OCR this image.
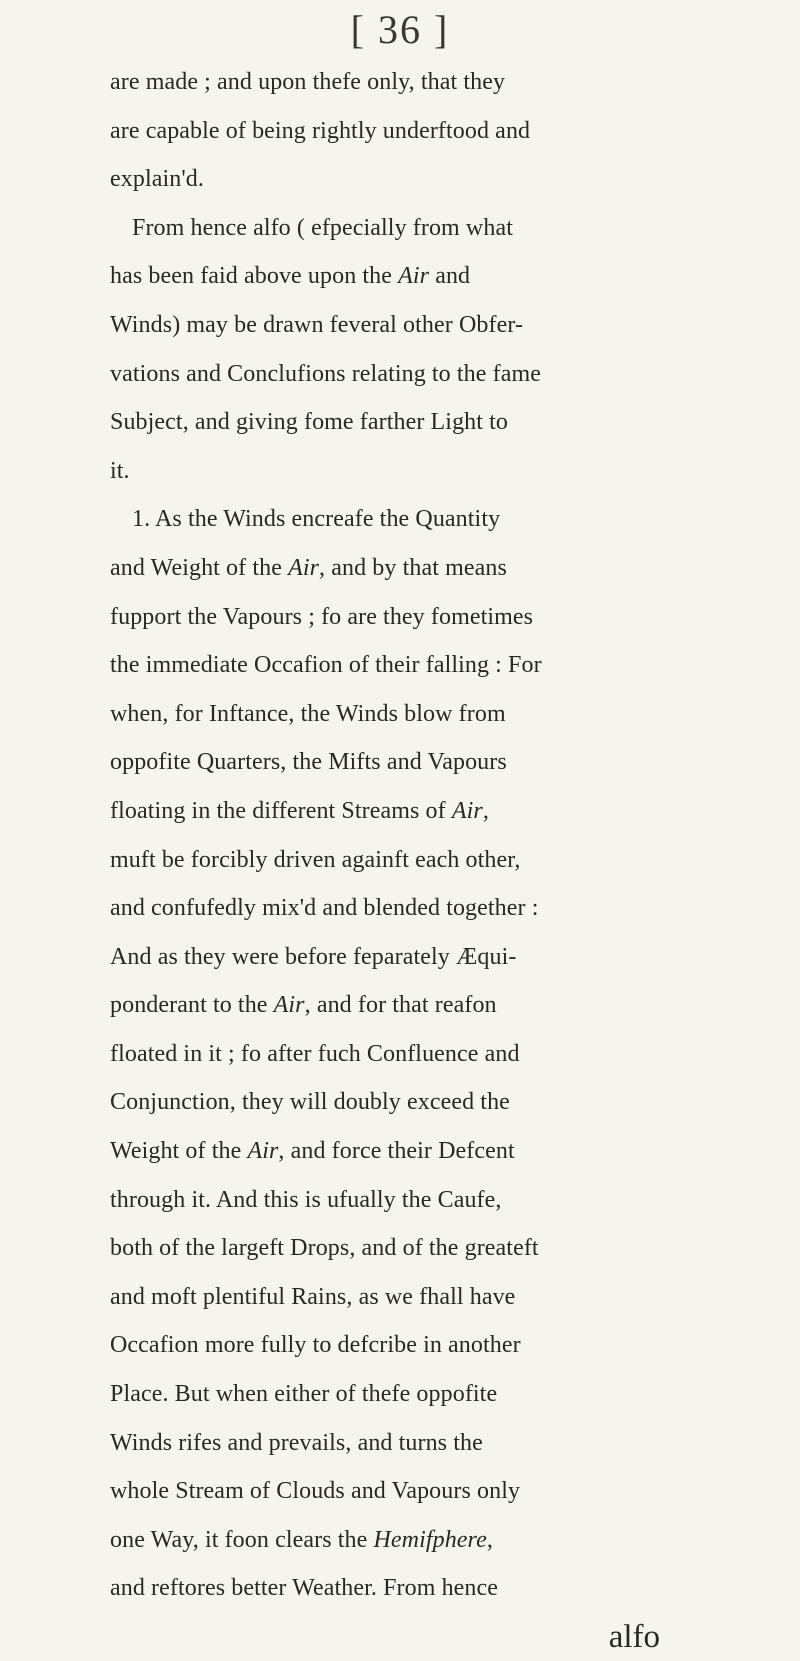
[ 36 ]
are made ; and upon thefe only, that they
are capable of being rightly underftood and
explain'd.
From hence alfo ( efpecially from what
has been faid above upon the Air and
Winds) may be drawn feveral other Obfer-
vations and Conclufions relating to the fame
Subject, and giving fome farther Light to
it.
1. As the Winds encreafe the Quantity
and Weight of the Air, and by that means
fupport the Vapours ; fo are they fometimes
the immediate Occafion of their falling : For
when, for Inftance, the Winds blow from
oppofite Quarters, the Mifts and Vapours
floating in the different Streams of Air,
muft be forcibly driven againft each other,
and confufedly mix'd and blended together :
And as they were before feparately Æqui-
ponderant to the Air, and for that reafon
floated in it ; fo after fuch Confluence and
Conjunction, they will doubly exceed the
Weight of the Air, and force their Defcent
through it. And this is ufually the Caufe,
both of the largeft Drops, and of the greateft
and moft plentiful Rains, as we fhall have
Occafion more fully to defcribe in another
Place. But when either of thefe oppofite
Winds rifes and prevails, and turns the
whole Stream of Clouds and Vapours only
one Way, it foon clears the Hemifphere,
and reftores better Weather. From hence
alfo
